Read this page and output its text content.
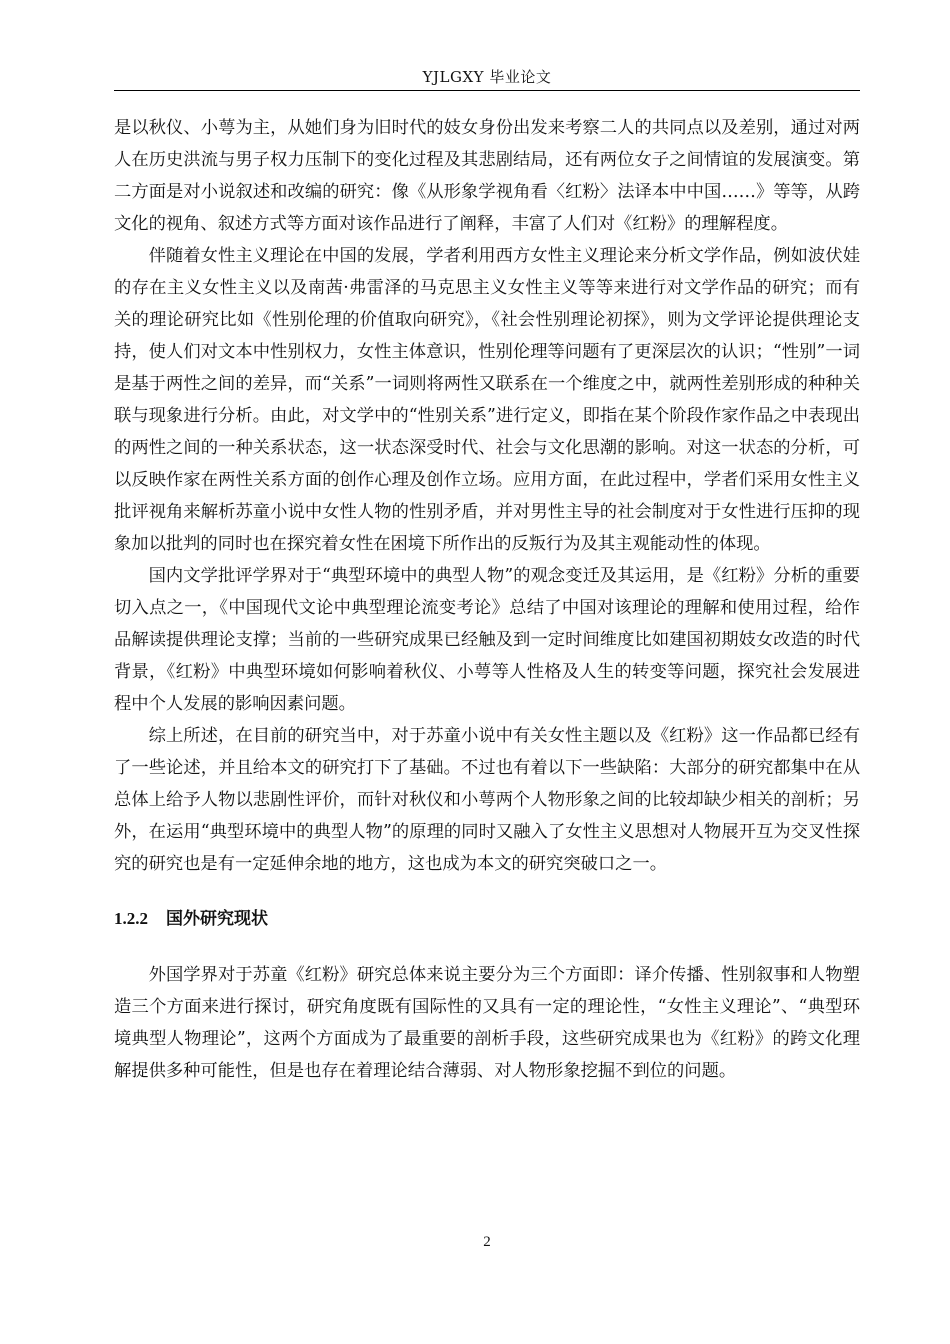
YJLGXY 毕业论文

是以秋仪、小萼为主，从她们身为旧时代的妓女身份出发来考察二人的共同点以及差别，通过对两人在历史洪流与男子权力压制下的变化过程及其悲剧结局，还有两位女子之间情谊的发展演变。第二方面是对小说叙述和改编的研究：像《从形象学视角看〈红粉〉法译本中中国……》等等，从跨文化的视角、叙述方式等方面对该作品进行了阐释，丰富了人们对《红粉》的理解程度。

伴随着女性主义理论在中国的发展，学者利用西方女性主义理论来分析文学作品，例如波伏娃的存在主义女性主义以及南茜·弗雷泽的马克思主义女性主义等等来进行对文学作品的研究；而有关的理论研究比如《性别伦理的价值取向研究》，《社会性别理论初探》，则为文学评论提供理论支持，使人们对文本中性别权力，女性主体意识，性别伦理等问题有了更深层次的认识；“性别”一词是基于两性之间的差异，而“关系”一词则将两性又联系在一个维度之中，就两性差别形成的种种关联与现象进行分析。由此，对文学中的“性别关系”进行定义，即指在某个阶段作家作品之中表现出的两性之间的一种关系状态，这一状态深受时代、社会与文化思潮的影响。对这一状态的分析，可以反映作家在两性关系方面的创作心理及创作立场。应用方面，在此过程中，学者们采用女性主义批评视角来解析苏童小说中女性人物的性别矛盾，并对男性主导的社会制度对于女性进行压抑的现象加以批判的同时也在探究着女性在困境下所作出的反叛行为及其主观能动性的体现。

国内文学批评学界对于“典型环境中的典型人物”的观念变迁及其运用，是《红粉》分析的重要切入点之一，《中国现代文论中典型理论流变考论》总结了中国对该理论的理解和使用过程，给作品解读提供理论支撑；当前的一些研究成果已经触及到一定时间维度比如建国初期妓女改造的时代背景，《红粉》中典型环境如何影响着秋仪、小萼等人性格及人生的转变等问题，探究社会发展进程中个人发展的影响因素问题。

综上所述，在目前的研究当中，对于苏童小说中有关女性主题以及《红粉》这一作品都已经有了一些论述，并且给本文的研究打下了基础。不过也有着以下一些缺陷：大部分的研究都集中在从总体上给予人物以悲剧性评价，而针对秋仪和小萼两个人物形象之间的比较却缺少相关的剖析；另外，在运用“典型环境中的典型人物”的原理的同时又融入了女性主义思想对人物展开互为交叉性探究的研究也是有一定延伸余地的地方，这也成为本文的研究突破口之一。

1.2.2 国外研究现状

外国学界对于苏童《红粉》研究总体来说主要分为三个方面即：译介传播、性别叙事和人物塑造三个方面来进行探讨，研究角度既有国际性的又具有一定的理论性，“女性主义理论”、“典型环境典型人物理论”，这两个方面成为了最重要的剖析手段，这些研究成果也为《红粉》的跨文化理解提供多种可能性，但是也存在着理论结合薄弱、对人物形象挖掘不到位的问题。

2
